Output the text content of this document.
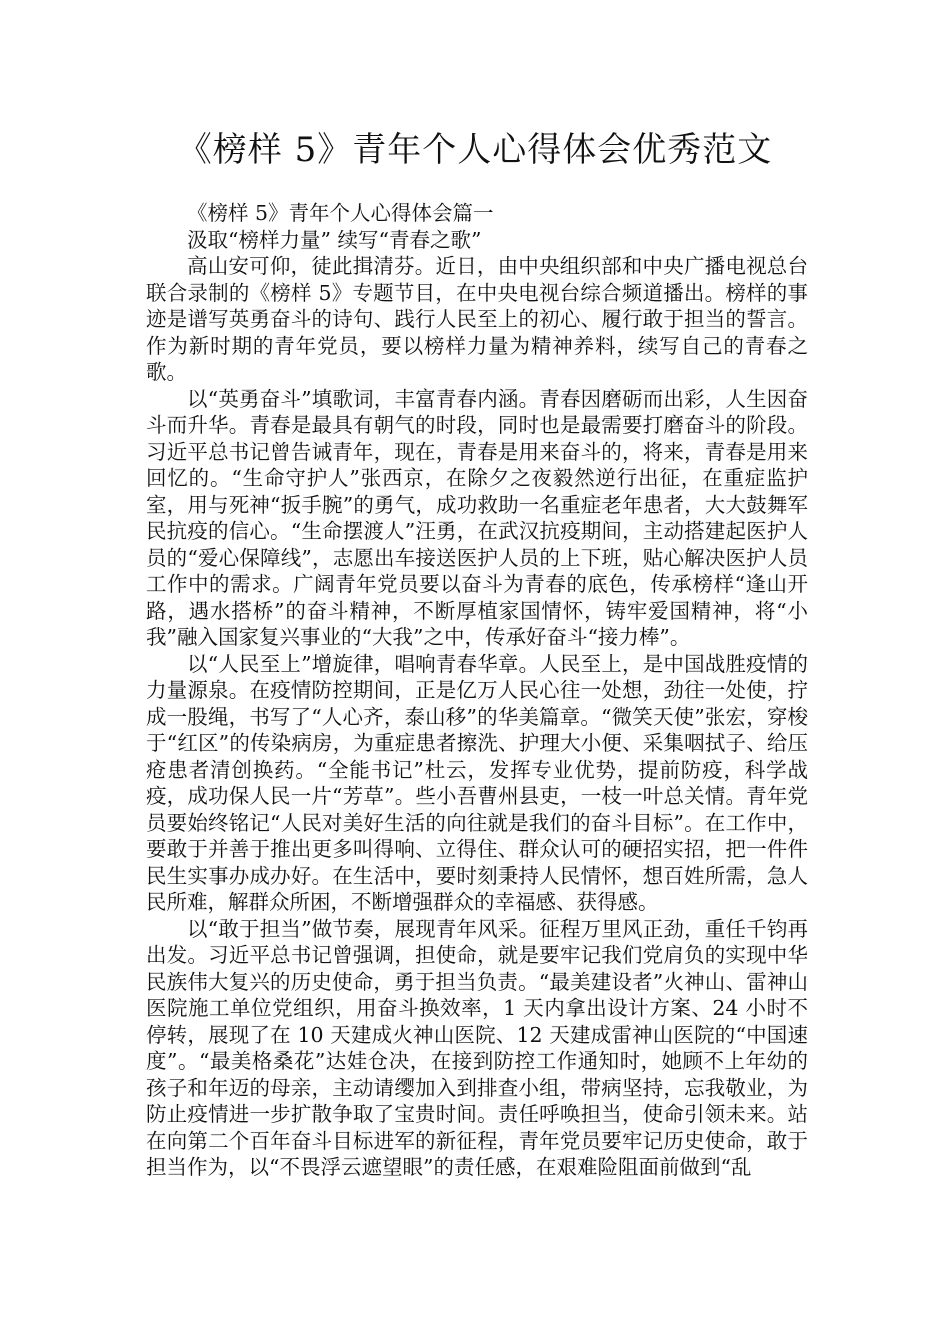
《榜样 5》青年个人心得体会优秀范文

《榜样 5》青年个人心得体会篇一

汲取“榜样力量” 续写“青春之歌”

高山安可仰，徒此揖清芬。近日，由中央组织部和中央广播电视总台联合录制的《榜样 5》专题节目，在中央电视台综合频道播出。榜样的事迹是谱写英勇奋斗的诗句、践行人民至上的初心、履行敢于担当的誓言。作为新时期的青年党员，要以榜样力量为精神养料，续写自己的青春之歌。

以“英勇奋斗”填歌词，丰富青春内涵。青春因磨砺而出彩，人生因奋斗而升华。青春是最具有朝气的时段，同时也是最需要打磨奋斗的阶段。习近平总书记曾告诫青年，现在，青春是用来奋斗的，将来，青春是用来回忆的。“生命守护人”张西京，在除夕之夜毅然逆行出征，在重症监护室，用与死神“扳手腕”的勇气，成功救助一名重症老年患者，大大鼓舞军民抗疫的信心。“生命摆渡人”汪勇，在武汉抗疫期间，主动搭建起医护人员的“爱心保障线”，志愿出车接送医护人员的上下班，贴心解决医护人员工作中的需求。广阔青年党员要以奋斗为青春的底色，传承榜样“逢山开路，遇水搭桥”的奋斗精神，不断厚植家国情怀，铸牢爱国精神，将“小我”融入国家复兴事业的“大我”之中，传承好奋斗“接力棒”。

以“人民至上”增旋律，唱响青春华章。人民至上，是中国战胜疫情的力量源泉。在疫情防控期间，正是亿万人民心往一处想，劲往一处使，拧成一股绳，书写了“人心齐，泰山移”的华美篇章。“微笑天使”张宏，穿梭于“红区”的传染病房，为重症患者擦洗、护理大小便、采集咽拭子、给压疮患者清创换药。“全能书记”杜云，发挥专业优势，提前防疫，科学战疫，成功保人民一片“芳草”。些小吾曹州县吏，一枝一叶总关情。青年党员要始终铭记“人民对美好生活的向往就是我们的奋斗目标”。在工作中，要敢于并善于推出更多叫得响、立得住、群众认可的硬招实招，把一件件民生实事办成办好。在生活中，要时刻秉持人民情怀，想百姓所需，急人民所难，解群众所困，不断增强群众的幸福感、获得感。

以“敢于担当”做节奏，展现青年风采。征程万里风正劲，重任千钧再出发。习近平总书记曾强调，担使命，就是要牢记我们党肩负的实现中华民族伟大复兴的历史使命，勇于担当负责。“最美建设者”火神山、雷神山医院施工单位党组织，用奋斗换效率，1 天内拿出设计方案、24 小时不停转，展现了在 10 天建成火神山医院、12 天建成雷神山医院的“中国速度”。“最美格桑花”达娃仓决，在接到防控工作通知时，她顾不上年幼的孩子和年迈的母亲，主动请缨加入到排查小组，带病坚持，忘我敬业，为防止疫情进一步扩散争取了宝贵时间。责任呼唤担当，使命引领未来。站在向第二个百年奋斗目标进军的新征程，青年党员要牢记历史使命，敢于担当作为，以“不畏浮云遮望眼”的责任感，在艰难险阻面前做到“乱
